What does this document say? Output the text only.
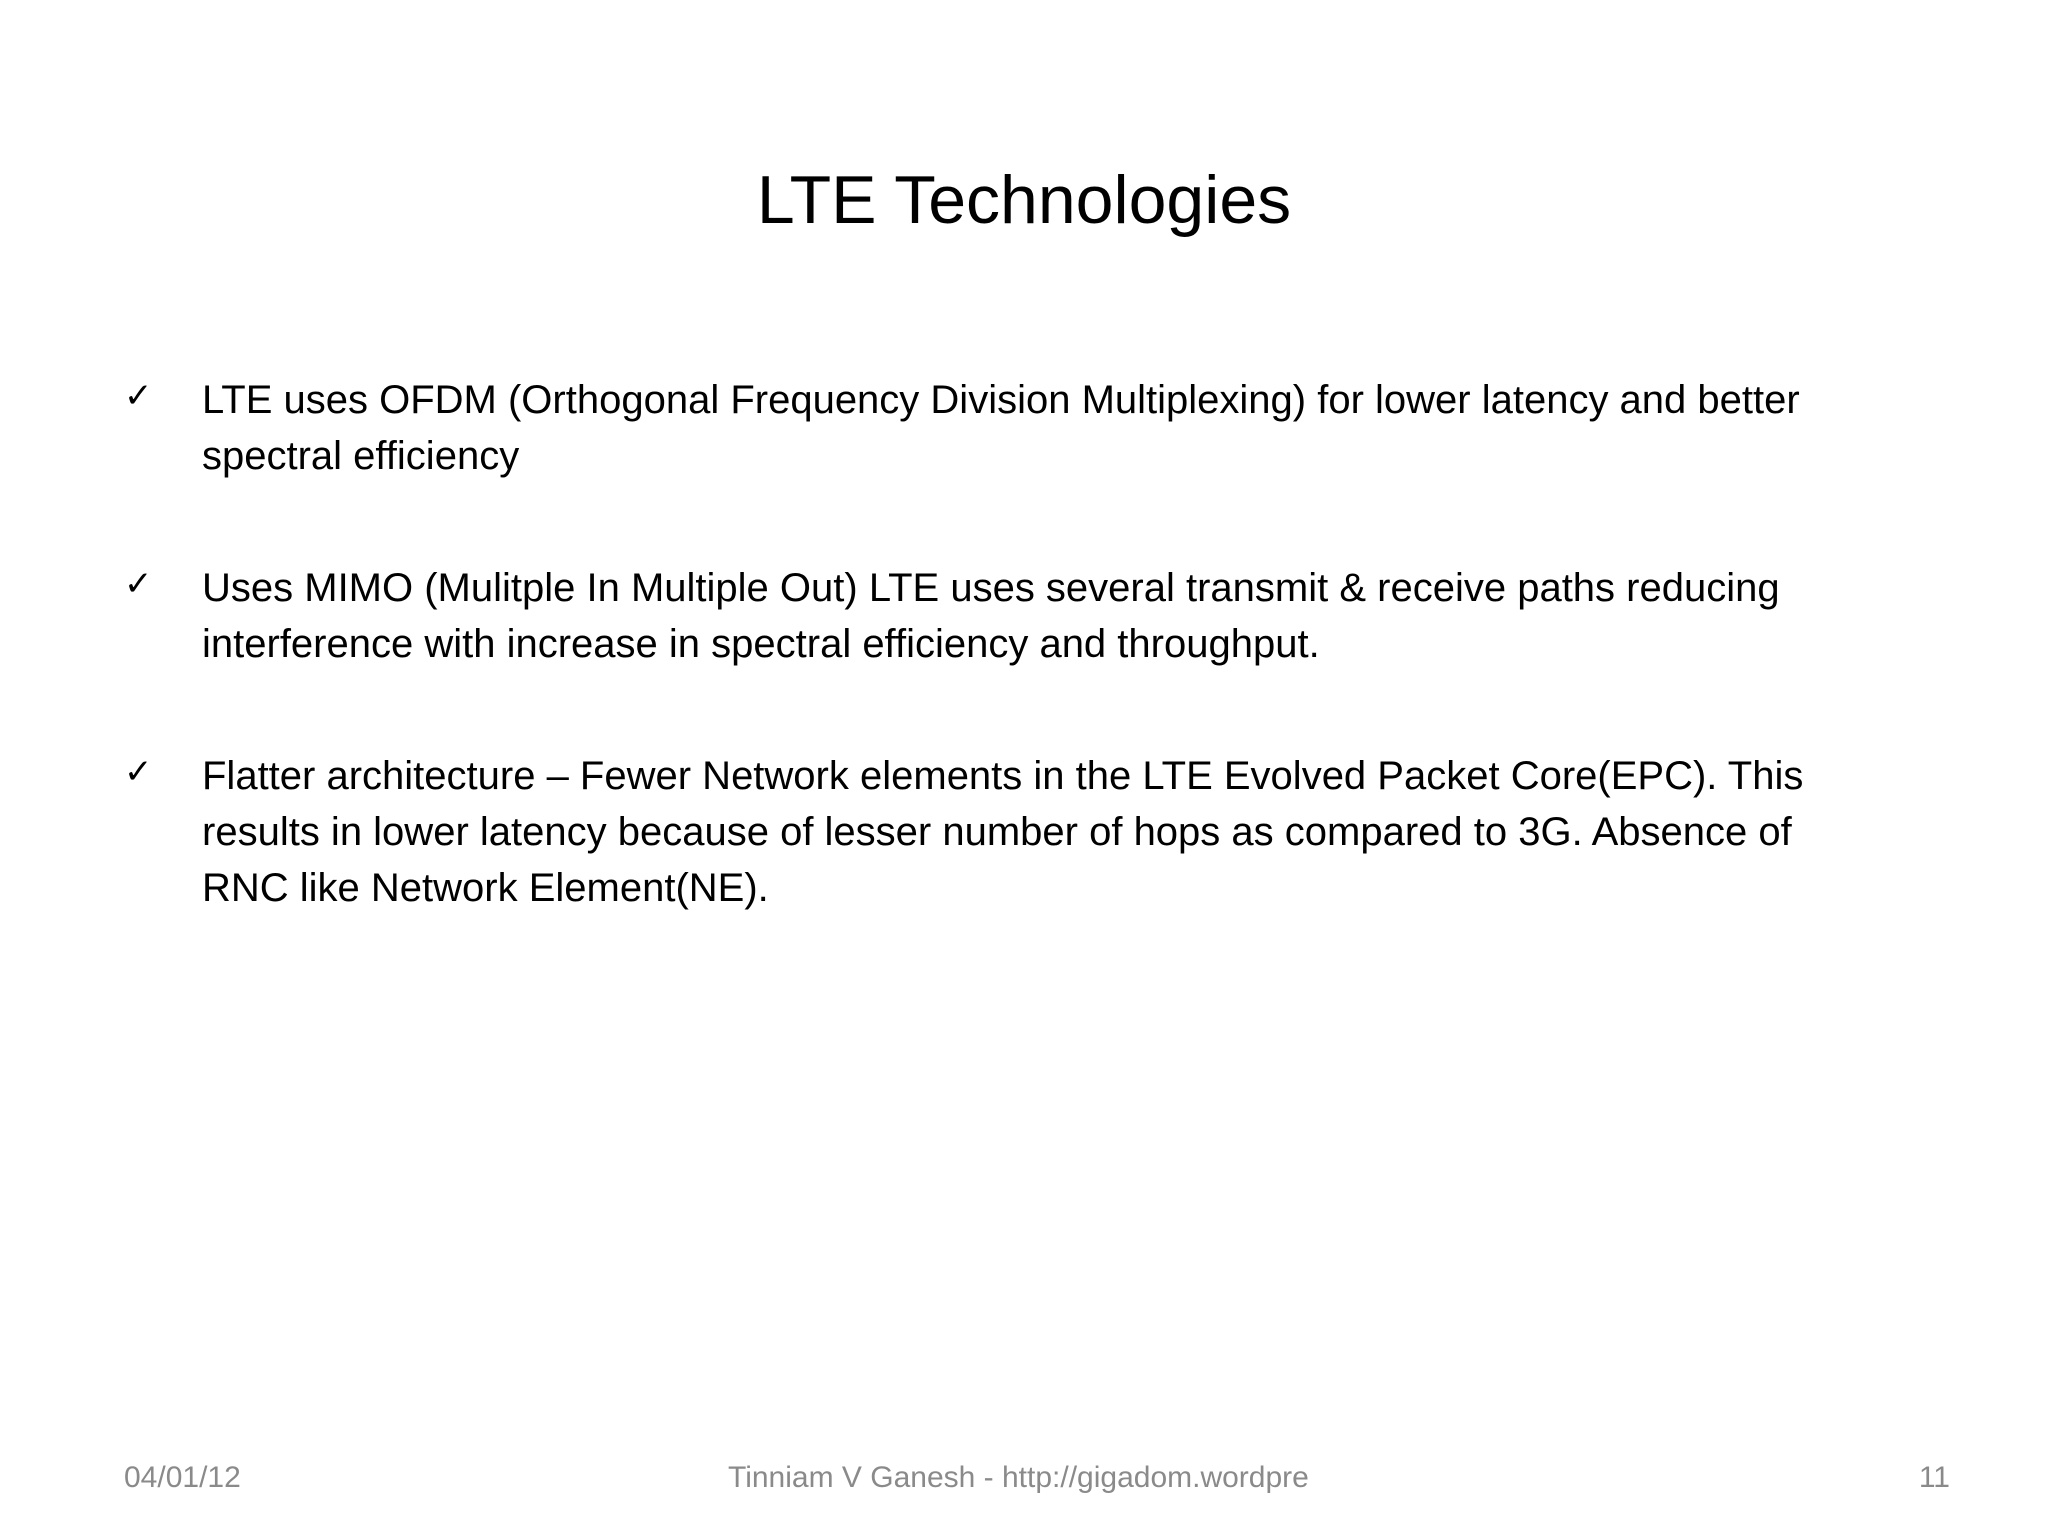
LTE Technologies
✓	LTE uses OFDM (Orthogonal Frequency Division Multiplexing) for lower latency and better
spectral efficiency
✓	Uses MIMO (Mulitple In Multiple Out) LTE uses several transmit & receive paths reducing
interference with increase in spectral efficiency and throughput.
✓	Flatter architecture – Fewer Network elements in the LTE Evolved Packet Core(EPC). This
results in lower latency because of lesser number of hops as compared to 3G. Absence of
RNC like Network Element(NE).
04/01/12	Tinniam V Ganesh - http://gigadom.wordpre	11
